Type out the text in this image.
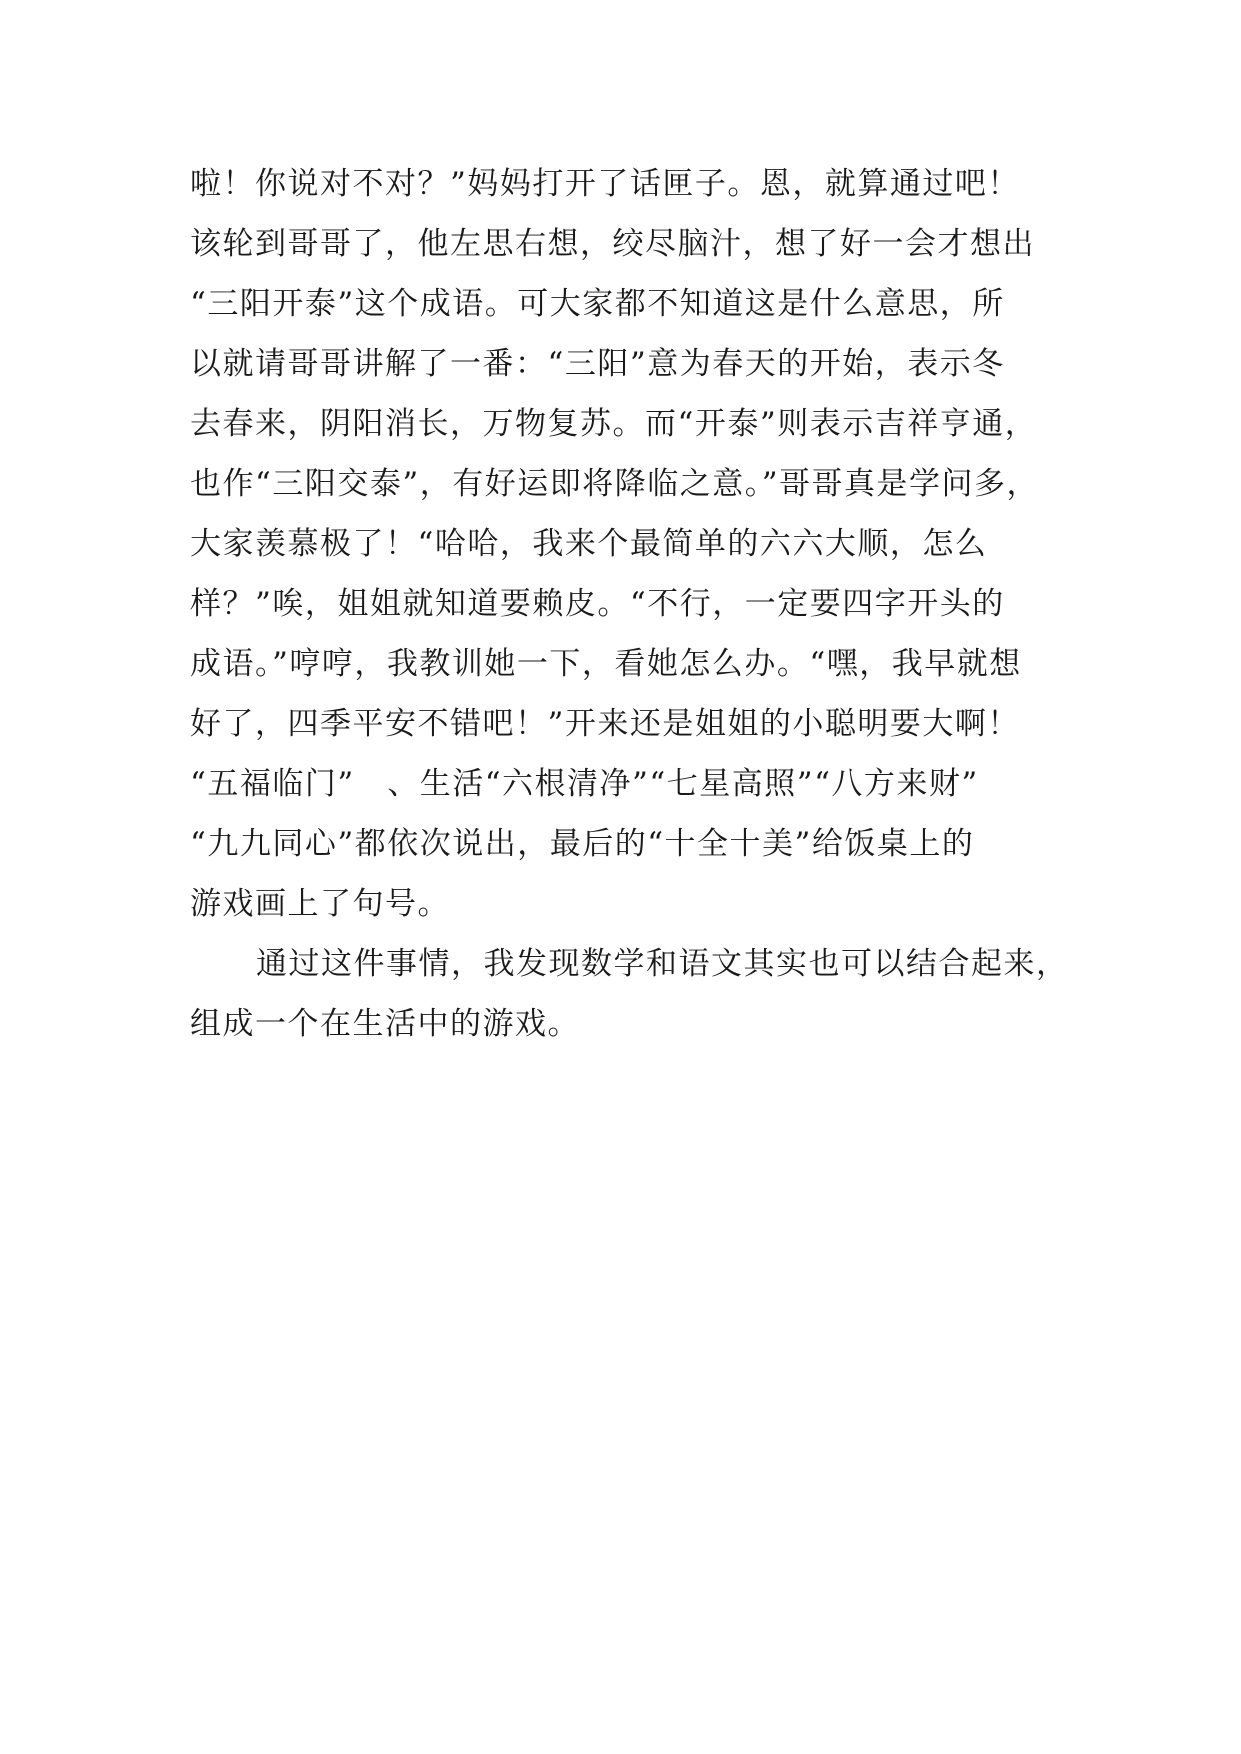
啦！你说对不对？”妈妈打开了话匣子。恩，就算通过吧！
该轮到哥哥了，他左思右想，绞尽脑汁，想了好一会才想出
“三阳开泰”这个成语。可大家都不知道这是什么意思，所
以就请哥哥讲解了一番：“三阳”意为春天的开始，表示冬
去春来，阴阳消长，万物复苏。而“开泰”则表示吉祥亨通，
也作“三阳交泰”，有好运即将降临之意。”哥哥真是学问多，
大家羡慕极了！“哈哈，我来个最简单的六六大顺，怎么
样？”唉，姐姐就知道要赖皮。“不行，一定要四字开头的
成语。”哼哼，我教训她一下，看她怎么办。“嘿，我早就想
好了，四季平安不错吧！”开来还是姐姐的小聪明要大啊！
“五福临门”　、生活“六根清净”“七星高照”“八方来财”
“九九同心”都依次说出，最后的“十全十美”给饭桌上的
游戏画上了句号。
通过这件事情，我发现数学和语文其实也可以结合起来，
组成一个在生活中的游戏。
